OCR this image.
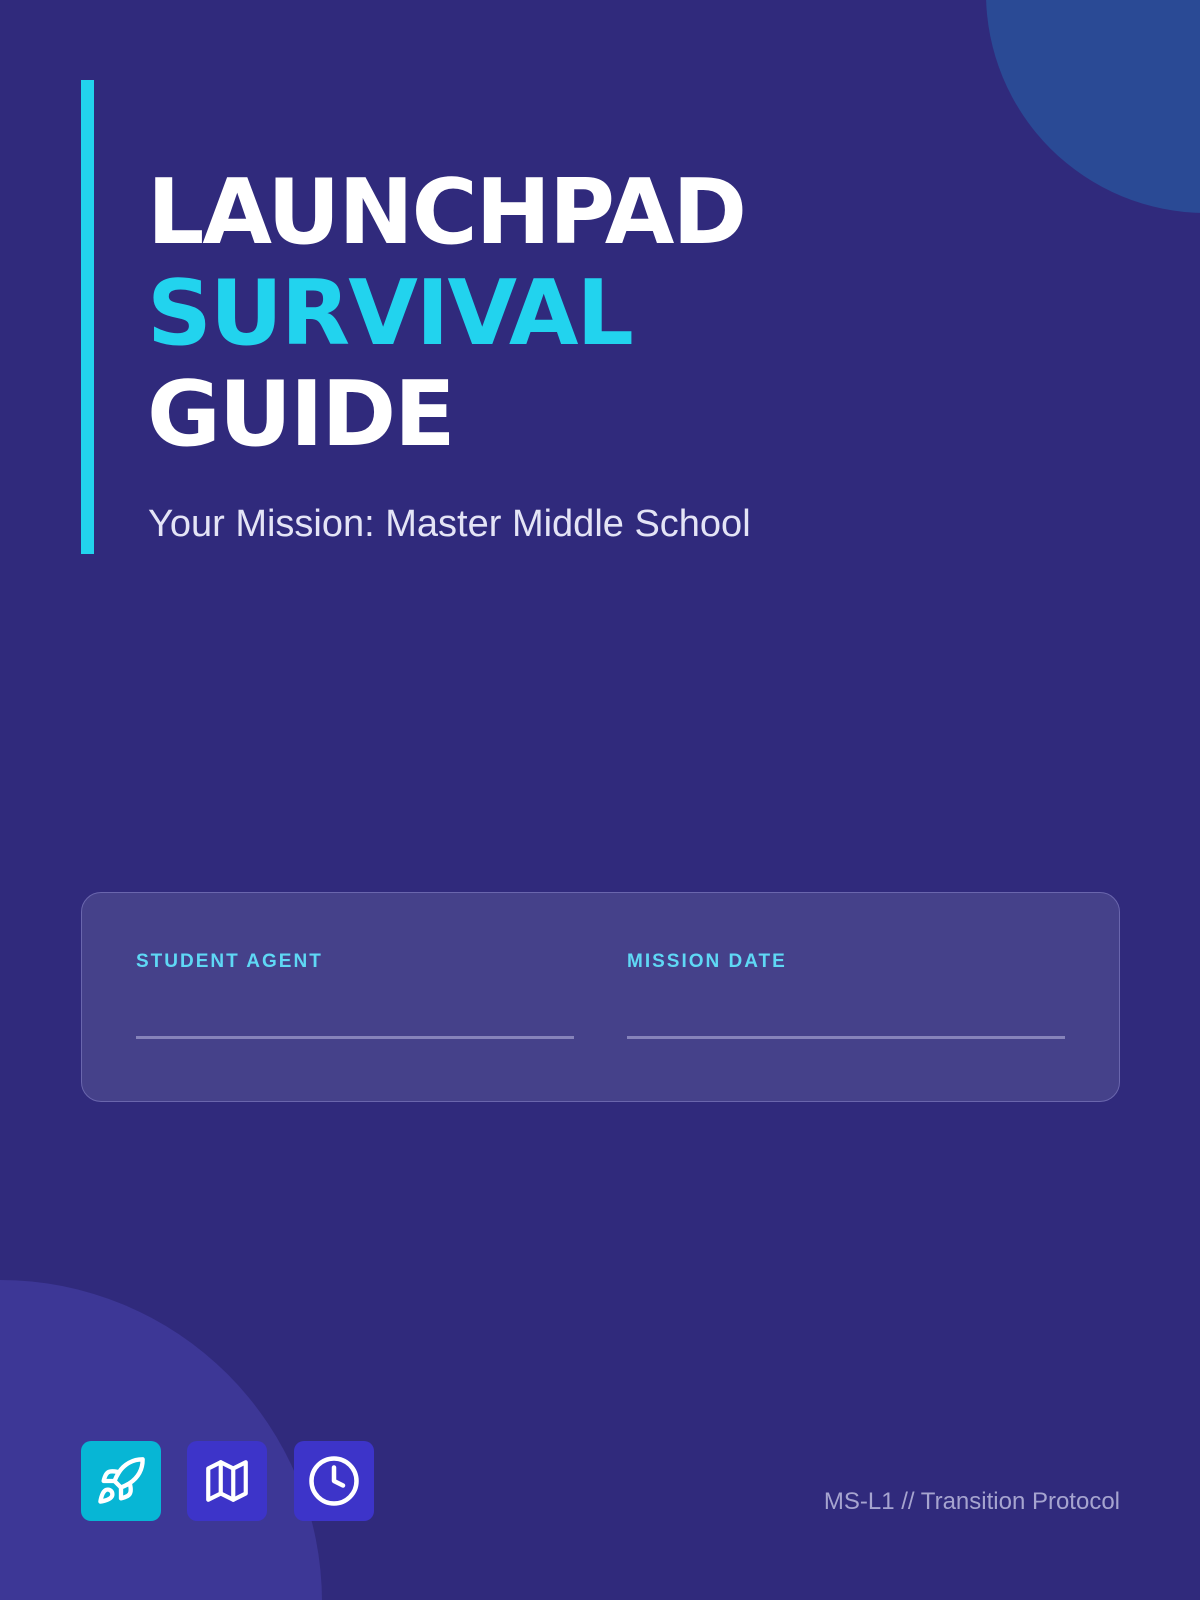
LAUNCHPAD
SURVIVAL
GUIDE
Your Mission: Master Middle School
STUDENT AGENT	MISSION DATE
MS-L1 // Transition Protocol
